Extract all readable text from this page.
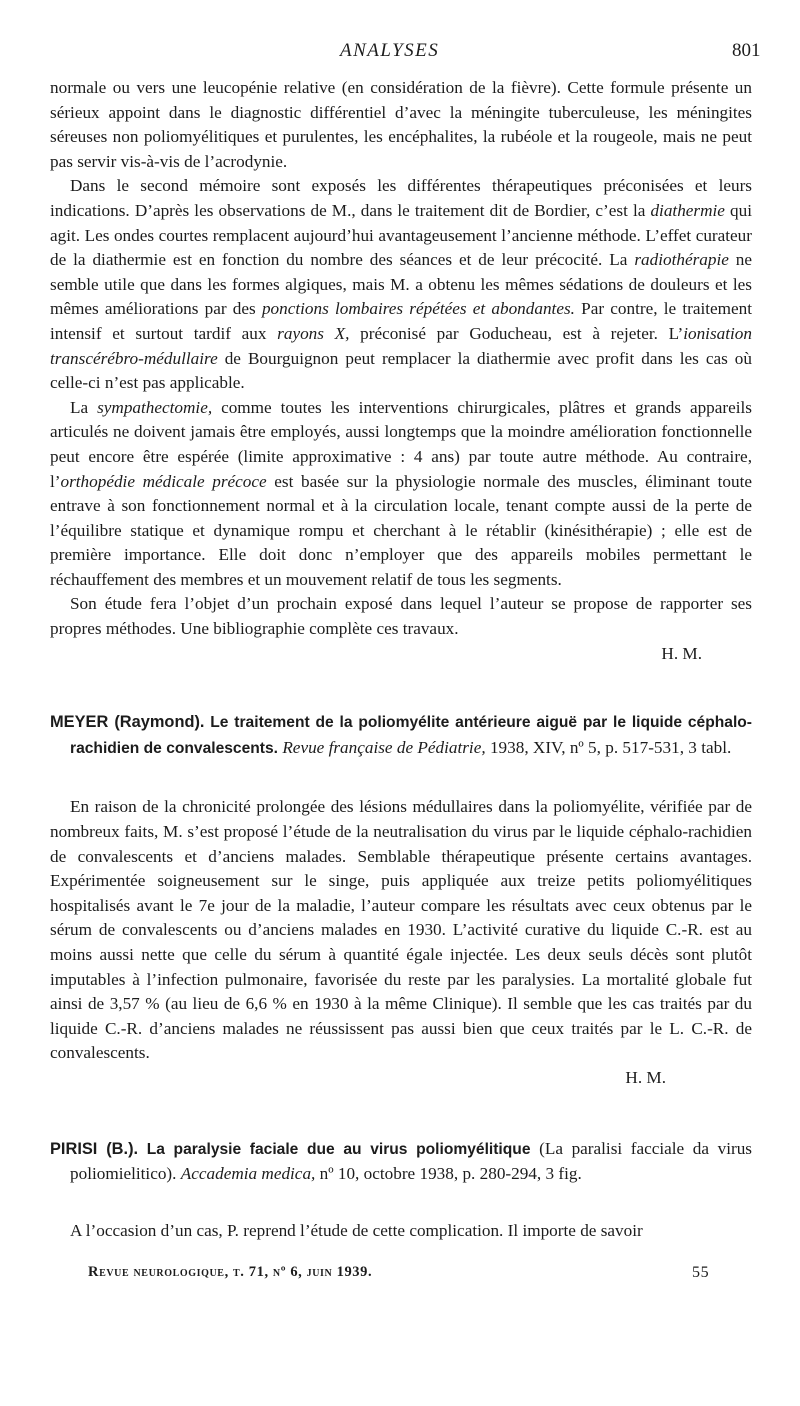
ANALYSES	801

normale ou vers une leucopénie relative (en considération de la fièvre). Cette formule présente un sérieux appoint dans le diagnostic différentiel d’avec la méningite tuberculeuse, les méningites séreuses non poliomyélitiques et purulentes, les encéphalites, la rubéole et la rougeole, mais ne peut pas servir vis-à-vis de l’acrodynie.

Dans le second mémoire sont exposés les différentes thérapeutiques préconisées et leurs indications. D’après les observations de M., dans le traitement dit de Bordier, c’est la diathermie qui agit. Les ondes courtes remplacent aujourd’hui avantageusement l’ancienne méthode. L’effet curateur de la diathermie est en fonction du nombre des séances et de leur précocité. La radiothérapie ne semble utile que dans les formes algiques, mais M. a obtenu les mêmes sédations de douleurs et les mêmes améliorations par des ponctions lombaires répétées et abondantes. Par contre, le traitement intensif et surtout tardif aux rayons X, préconisé par Goducheau, est à rejeter. L’ionisation transcérébro-médullaire de Bourguignon peut remplacer la diathermie avec profit dans les cas où celle-ci n’est pas applicable.

La sympathectomie, comme toutes les interventions chirurgicales, plâtres et grands appareils articulés ne doivent jamais être employés, aussi longtemps que la moindre amélioration fonctionnelle peut encore être espérée (limite approximative : 4 ans) par toute autre méthode. Au contraire, l’orthopédie médicale précoce est basée sur la physiologie normale des muscles, éliminant toute entrave à son fonctionnement normal et à la circulation locale, tenant compte aussi de la perte de l’équilibre statique et dynamique rompu et cherchant à le rétablir (kinésithérapie) ; elle est de première importance. Elle doit donc n’employer que des appareils mobiles permettant le réchauffement des membres et un mouvement relatif de tous les segments.

Son étude fera l’objet d’un prochain exposé dans lequel l’auteur se propose de rapporter ses propres méthodes. Une bibliographie complète ces travaux.

H. M.

MEYER (Raymond). Le traitement de la poliomyélite antérieure aiguë par le liquide céphalo-rachidien de convalescents. Revue française de Pédiatrie, 1938, XIV, nº 5, p. 517-531, 3 tabl.

En raison de la chronicité prolongée des lésions médullaires dans la poliomyélite, vérifiée par de nombreux faits, M. s’est proposé l’étude de la neutralisation du virus par le liquide céphalo-rachidien de convalescents et d’anciens malades. Semblable thérapeutique présente certains avantages. Expérimentée soigneusement sur le singe, puis appliquée aux treize petits poliomyélitiques hospitalisés avant le 7e jour de la maladie, l’auteur compare les résultats avec ceux obtenus par le sérum de convalescents ou d’anciens malades en 1930. L’activité curative du liquide C.-R. est au moins aussi nette que celle du sérum à quantité égale injectée. Les deux seuls décès sont plutôt imputables à l’infection pulmonaire, favorisée du reste par les paralysies. La mortalité globale fut ainsi de 3,57 % (au lieu de 6,6 % en 1930 à la même Clinique). Il semble que les cas traités par du liquide C.-R. d’anciens malades ne réussissent pas aussi bien que ceux traités par le L. C.-R. de convalescents.

H. M.

PIRISI (B.). La paralysie faciale due au virus poliomyélitique (La paralisi facciale da virus poliomielitico). Accademia medica, nº 10, octobre 1938, p. 280-294, 3 fig.

A l’occasion d’un cas, P. reprend l’étude de cette complication. Il importe de savoir

Revue neurologique, t. 71, nº 6, juin 1939.	55
